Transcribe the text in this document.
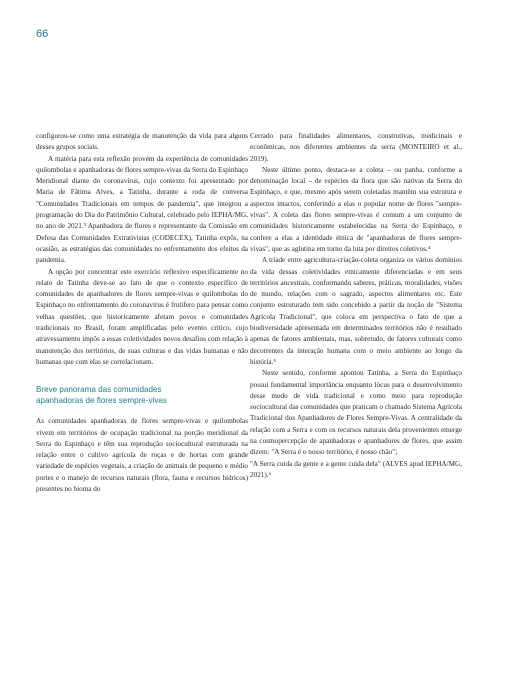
66

configurou-se como uma estratégia de manutenção da vida para alguns desses grupos sociais.

A matéria para esta reflexão provém da experiência de comunidades quilombolas e apanhadoras de flores sempre-vivas da Serra do Espinhaço Meridional diante do coronavírus, cujo contexto foi apresentado por Maria de Fátima Alves, a Tatinha, durante a roda de conversa "Comunidades Tradicionais em tempos de pandemia", que integrou a programação do Dia do Patrimônio Cultural, celebrado pelo IEPHA/MG, no ano de 2021.³ Apanhadora de flores e representante da Comissão em Defesa das Comunidades Extrativistas (CODECEX), Tatinha expôs, na ocasião, as estratégias das comunidades no enfrentamento dos efeitos da pandemia.

A opção por concentrar este exercício reflexivo especificamente no relato de Tatinha deve-se ao fato de que o contexto específico de comunidades de apanhadores de flores sempre-vivas e quilombolas do Espinhaço no enfrentamento do coronavírus é frutífero para pensar como velhas questões, que historicamente afetam povos e comunidades tradicionais no Brasil, foram amplificadas pelo evento crítico, cujo atravessamento impôs a essas coletividades novos desafios com relação à manutenção dos territórios, de suas culturas e das vidas humanas e não humanas que com elas se correlacionam.

Breve panorama das comunidades
apanhadoras de flores sempre-vivas

As comunidades apanhadoras de flores sempre-vivas e quilombolas vivem em territórios de ocupação tradicional na porção meridional da Serra do Espinhaço e têm sua reprodução sociocultural estruturada na relação entre o cultivo agrícola de roças e de hortas com grande variedade de espécies vegetais, a criação de animais de pequeno e médio portes e o manejo de recursos naturais (flora, fauna e recursos hídricos) presentes no bioma do

Cerrado para finalidades alimentares, construtivas, medicinais e econômicas, nos diferentes ambientes da serra (MONTEIRO et al., 2019).

Neste último ponto, destaca-se a coleta – ou panha, conforme a denominação local – de espécies da flora que são nativas da Serra do Espinhaço, e que, mesmo após serem coletadas mantêm sua estrutura e aspectos intactos, conferindo a elas o popular nome de flores "sempre-vivas". A coleta das flores sempre-vivas é comum a um conjunto de comunidades historicamente estabelecidas na Serra do Espinhaço, e confere a elas a identidade étnica de "apanhadoras de flores sempre-vivas", que as aglutina em torno da luta por direitos coletivos.⁴

A tríade entre agricultura-criação-coleta organiza os vários domínios da vida dessas coletividades etnicamente diferenciadas e em seus territórios ancestrais, conformando saberes, práticas, moralidades, visões de mundo, relações com o sagrado, aspectos alimentares etc. Este conjunto estruturado tem sido concebido a partir da noção de "Sistema Agrícola Tradicional", que coloca em perspectiva o fato de que a biodiversidade apresentada em determinados territórios não é resultado apenas de fatores ambientais, mas, sobretudo, de fatores culturais como decorrentes da interação humana com o meio ambiente ao longo da história.⁵

Neste sentido, conforme apontou Tatinha, a Serra do Espinhaço possui fundamental importância enquanto lócus para o desenvolvimento desse modo de vida tradicional e como meio para reprodução sociocultural das comunidades que praticam o chamado Sistema Agrícola Tradicional dos Apanhadores de Flores Sempre-Vivas. A centralidade da relação com a Serra e com os recursos naturais dela provenientes emerge na cosmopercepção de apanhadoras e apanhadores de flores, que assim dizem: "A Serra é o nosso território, é nosso chão";

"A Serra cuida da gente e a gente cuida dela" (ALVES apud IEPHA/MG, 2021).⁶
